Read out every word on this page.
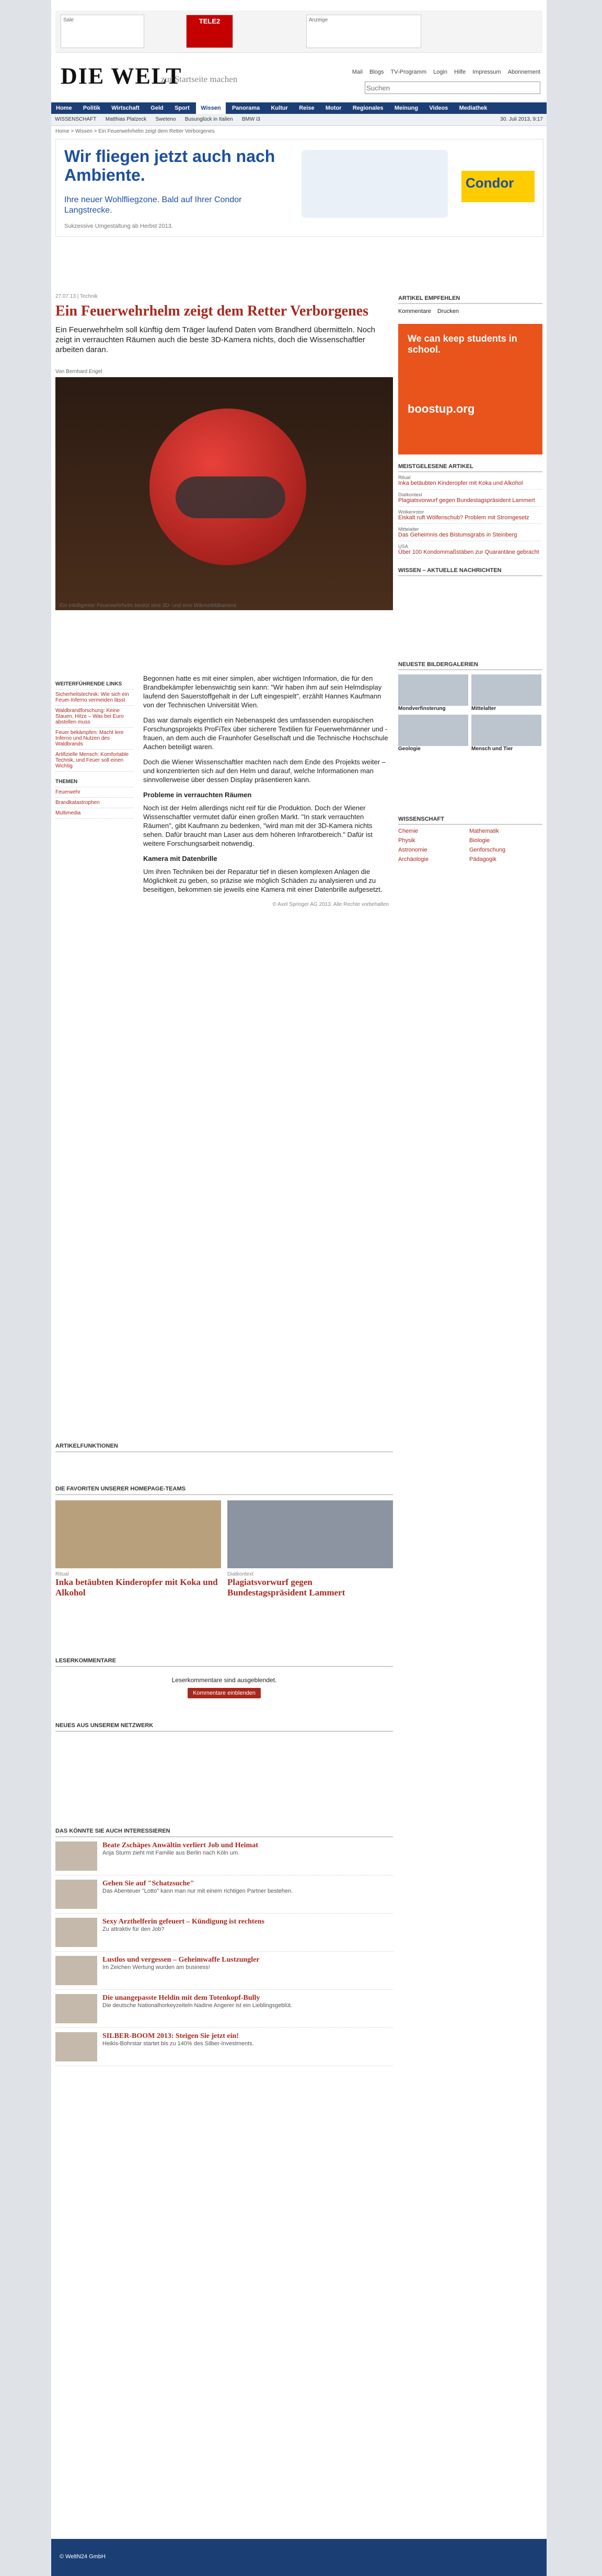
Sale	TELE2	Anzeige
DIE WELT
zur Startseite machen
Mail Blogs TV-Programm Login Hilfe Impressum Abonnement
Suchen
Home Politik Wirtschaft Geld Sport Wissen Panorama Kultur Reise Motor Regionales Meinung Videos Mediathek
WISSENSCHAFT Matthias Platzeck Sweteno Busunglück in Italien BMW i3	30. Juli 2013, 9:17
Home > Wissen > Ein Feuerwehrhelm zeigt dem Retter Verborgenes
Wir fliegen jetzt auch nach Ambiente.
Ihre neuer Wohlfliegzone. Bald auf Ihrer Condor Langstrecke.
Sukzessive Umgestaltung ab Herbst 2013.
Condor
27.07.13 | Technik
Ein Feuerwehrhelm zeigt dem Retter Verborgenes
Ein Feuerwehrhelm soll künftig dem Träger laufend Daten vom Brandherd übermitteln. Noch zeigt in verrauchten Räumen auch die beste 3D-Kamera nichts, doch die Wissenschaftler arbeiten daran.
Von Bernhard Engel
Ein intelligenter Feuerwehrhelm besitzt eine 3D- und eine Wärmebildkamera
WEITERFÜHRENDE LINKS
Sicherheitstechnik: Wie sich ein Feuer-Inferno vermeiden lässt
Waldbrandforschung: Keine Stauen, Hitze – Was bei Euro abstellen muss
Feuer bekämpfen: Macht lere Inferno und Nutzen des Waldbrands
Artifizielle Mensch: Komfortable Technik, und Feuer soll einen Wichtig
THEMEN
Feuerwehr
Brandkatastrophen
Multimedia

Begonnen hatte es mit einer simplen, aber wichtigen Information, die für den Brandbekämpfer lebenswichtig sein kann: "Wir haben ihm auf sein Helmdisplay laufend den Sauerstoffgehalt in der Luft eingespielt", erzählt Hannes Kaufmann von der Technischen Universität Wien.

Das war damals eigentlich ein Nebenaspekt des umfassenden europäischen Forschungsprojekts ProFiTex über sicherere Textilien für Feuerwehrmänner und -frauen, an dem auch die Fraunhofer Gesellschaft und die Technische Hochschule Aachen beteiligt waren.

Doch die Wiener Wissenschaftler machten nach dem Ende des Projekts weiter – und konzentrierten sich auf den Helm und darauf, welche Informationen man sinnvollerweise über dessen Display präsentieren kann.

Probleme in verrauchten Räumen

Noch ist der Helm allerdings nicht reif für die Produktion. Doch der Wiener Wissenschaftler vermutet dafür einen großen Markt. "In stark verrauchten Räumen", gibt Kaufmann zu bedenken, "wird man mit der 3D-Kamera nichts sehen. Dafür braucht man Laser aus dem höheren Infrarotbereich." Dafür ist weitere Forschungsarbeit notwendig.

Kamera mit Datenbrille

Um ihren Techniken bei der Reparatur tief in diesen komplexen Anlagen die Möglichkeit zu geben, so präzise wie möglich Schäden zu analysieren und zu beseitigen, bekommen sie jeweils eine Kamera mit einer Datenbrille aufgesetzt.

© Axel Springer AG 2013. Alle Rechte vorbehalten

ARTIKEL EMPFEHLEN
Kommentare Drucken
We can keep students in school.
boostup.org
MEISTGELESENE ARTIKEL
Ritual
Inka betäubten Kinderopfer mit Koka und Alkohol
Diatkontext
Plagiatsvorwurf gegen Bundestagspräsident Lammert
Wolkenrotor
Eiskalt ruft Wölfenschub? Problem mit Stromgesetz
Mittelalter
Das Geheimnis des Bistumsgrabs in Steinberg
USA
Über 100 Kondommaßstäben zur Quarantäne gebracht
WISSEN – AKTUELLE NACHRICHTEN
NEUESTE BILDERGALERIEN
Mondverfinsterung	Mittelalter
Geologie	Mensch und Tier
WISSENSCHAFT
Chemie	Mathematik
Physik	Biologie
Astronomie	Genforschung
Archäologie	Pädagogik
ARTIKELFUNKTIONEN
DIE FAVORITEN UNSERER HOMEPAGE-TEAMS
Ritual
Inka betäubten Kinderopfer mit Koka und Alkohol
Diatkontext
Plagiatsvorwurf gegen Bundestagspräsident Lammert
LESERKOMMENTARE
Leserkommentare sind ausgeblendet.
Kommentare einblenden
NEUES AUS UNSEREM NETZWERK
DAS KÖNNTE SIE AUCH INTERESSIEREN
Beate Zschäpes Anwältin verliert Job und Heimat
Anja Sturm zieht mit Familie aus Berlin nach Köln um.
Gehen Sie auf "Schatzsuche"
Das Abenteuer "Lotto" kann man nur mit einem richtigen Partner bestehen.
Sexy Arzthelferin gefeuert – Kündigung ist rechtens
Zu attraktiv für den Job?
Lustlos und vergessen – Geheimwaffe Lustzungler
Im Zeichen Wertung wurden am business!
Die unangepasste Heldin mit dem Totenkopf-Bully
Die deutsche Nationalhorkeyzeiteln Nadine Angerer ist ein Lieblingsgeblüt.
SILBER-BOOM 2013: Steigen Sie jetzt ein!
Heikis-Bohrstar startet bis zu 140% des Silber-Investments.
© WeltN24 GmbH
